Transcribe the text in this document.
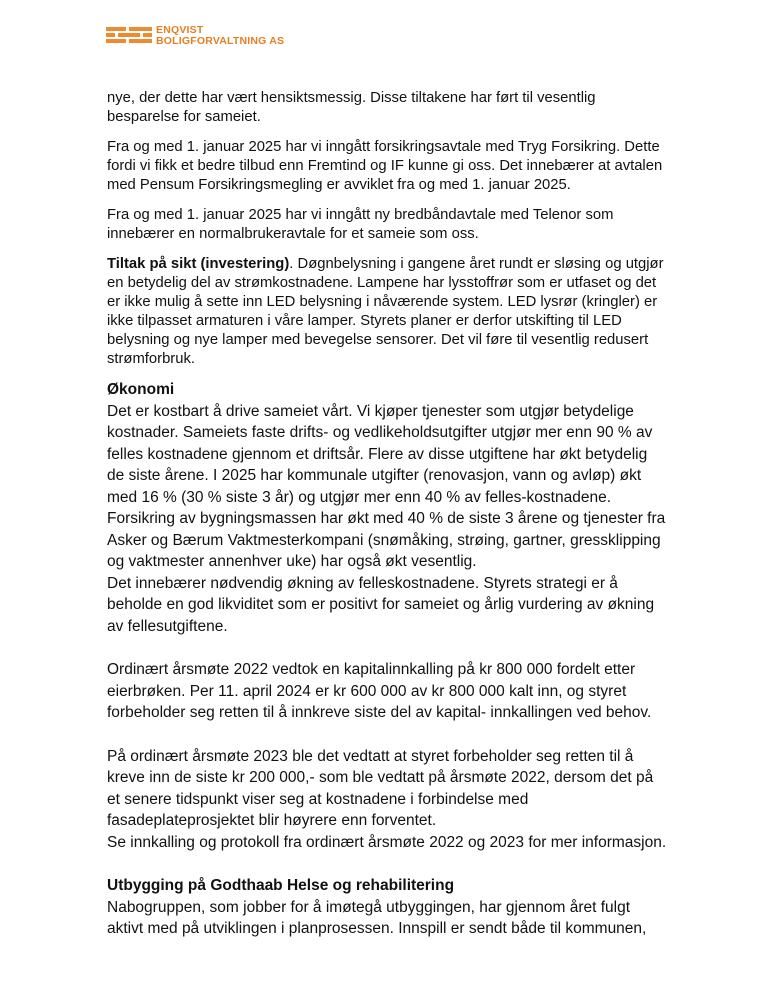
ENQVIST
BOLIGFORVALTNING AS

nye, der dette har vært hensiktsmessig. Disse tiltakene har ført til vesentlig besparelse for sameiet.

Fra og med 1. januar 2025 har vi inngått forsikringsavtale med Tryg Forsikring. Dette fordi vi fikk et bedre tilbud enn Fremtind og IF kunne gi oss. Det innebærer at avtalen med Pensum Forsikringsmegling er avviklet fra og med 1. januar 2025.

Fra og med 1. januar 2025 har vi inngått ny bredbåndavtale med Telenor som innebærer en normalbrukeravtale for et sameie som oss.

Tiltak på sikt (investering). Døgnbelysning i gangene året rundt er sløsing og utgjør en betydelig del av strømkostnadene. Lampene har lysstoffrør som er utfaset og det er ikke mulig å sette inn LED belysning i nåværende system. LED lysrør (kringler) er ikke tilpasset armaturen i våre lamper. Styrets planer er derfor utskifting til LED belysning og nye lamper med bevegelse sensorer. Det vil føre til vesentlig redusert strømforbruk.

Økonomi

Det er kostbart å drive sameiet vårt. Vi kjøper tjenester som utgjør betydelige kostnader. Sameiets faste drifts- og vedlikeholdsutgifter utgjør mer enn 90 % av felles kostnadene gjennom et driftsår. Flere av disse utgiftene har økt betydelig de siste årene. I 2025 har kommunale utgifter (renovasjon, vann og avløp) økt med 16 % (30 % siste 3 år) og utgjør mer enn 40 % av felles-kostnadene. Forsikring av bygningsmassen har økt med 40 % de siste 3 årene og tjenester fra Asker og Bærum Vaktmesterkompani (snømåking, strøing, gartner, gressklipping og vaktmester annenhver uke) har også økt vesentlig.

Det innebærer nødvendig økning av felleskostnadene. Styrets strategi er å beholde en god likviditet som er positivt for sameiet og årlig vurdering av økning av fellesutgiftene.

Ordinært årsmøte 2022 vedtok en kapitalinnkalling på kr 800 000 fordelt etter eierbrøken. Per 11. april 2024 er kr 600 000 av kr 800 000 kalt inn, og styret forbeholder seg retten til å innkreve siste del av kapital- innkallingen ved behov.

På ordinært årsmøte 2023 ble det vedtatt at styret forbeholder seg retten til å kreve inn de siste kr 200 000,- som ble vedtatt på årsmøte 2022, dersom det på et senere tidspunkt viser seg at kostnadene i forbindelse med fasadeplateprosjektet blir høyrere enn forventet.

Se innkalling og protokoll fra ordinært årsmøte 2022 og 2023 for mer informasjon.

Utbygging på Godthaab Helse og rehabilitering

Nabogruppen, som jobber for å imøtegå utbyggingen, har gjennom året fulgt aktivt med på utviklingen i planprosessen. Innspill er sendt både til kommunen,
